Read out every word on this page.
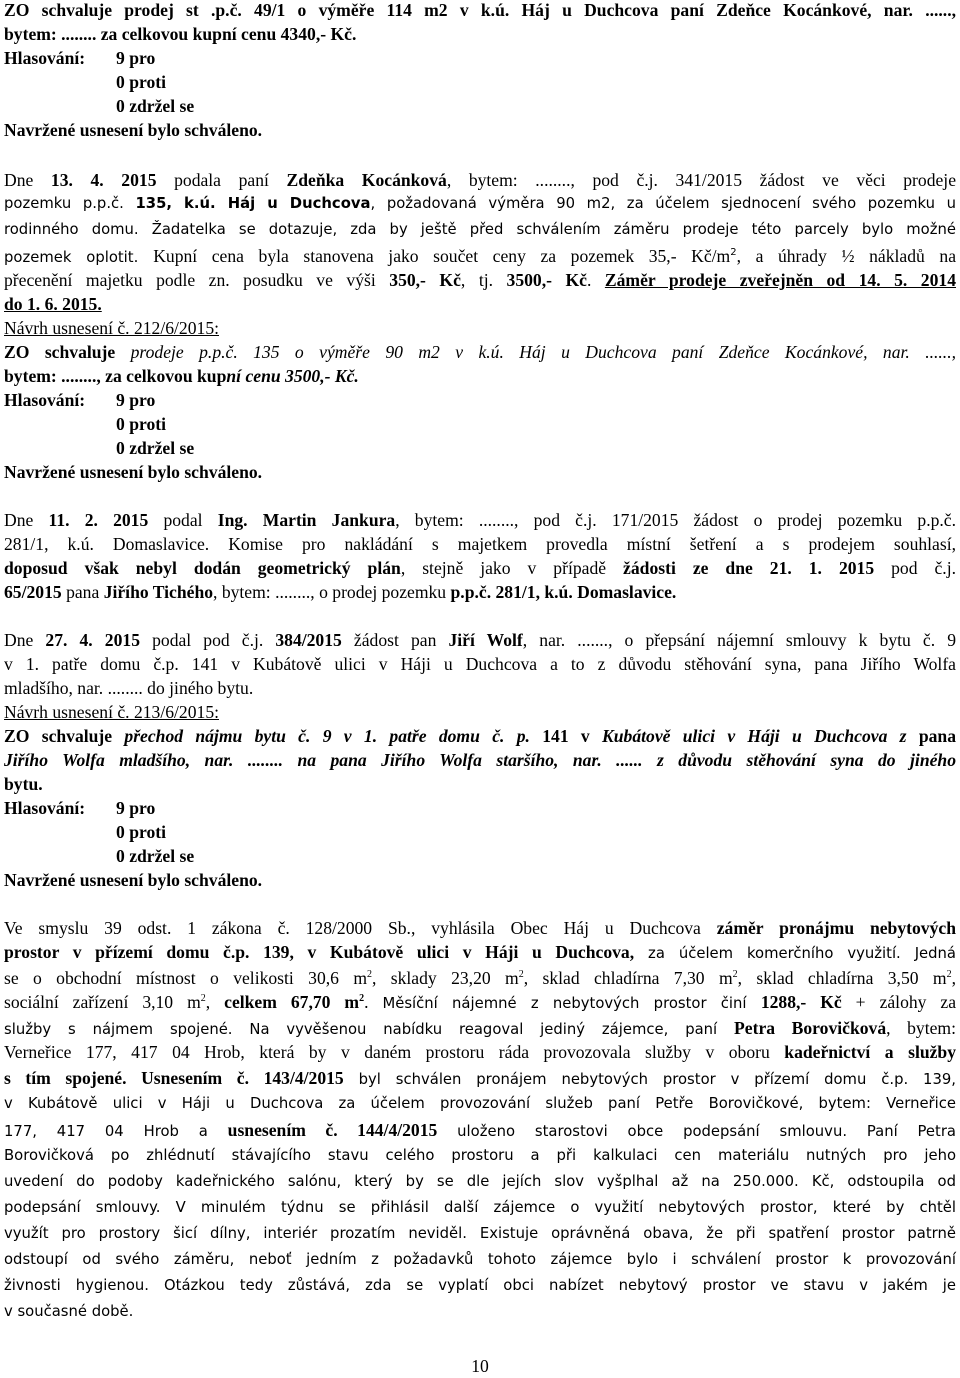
ZO schvaluje prodej st .p.č. 49/1 o výměře 114 m2 v k.ú. Háj u Duchcova paní Zdeňce Kocánkové, nar. ......,
bytem: ........ za celkovou kupní cenu 4340,- Kč.
Hlasování:	9 pro
0 proti
0 zdržel se
Navržené usnesení bylo schváleno.
Dne 13. 4. 2015 podala paní Zdeňka Kocánková, bytem: ........, pod č.j. 341/2015 žádost ve věci prodeje
pozemku p.p.č. 135, k.ú. Háj u Duchcova, požadovaná výměra 90 m2, za účelem sjednocení svého pozemku u
rodinného domu. Žadatelka se dotazuje, zda by ještě před schválením záměru prodeje této parcely bylo možné
pozemek oplotit. Kupní cena byla stanovena jako součet ceny za pozemek 35,- $Kč/m^2$, a úhrady ½ nákladů na
přecenění majetku podle zn. posudku ve výši 350,- Kč, tj. 3500,- Kč. Záměr prodeje zveřejněn od 14. 5. 2014
do 1. 6. 2015.
Návrh usnesení č. 212/6/2015:
ZO schvaluje prodeje p.p.č. 135 o výměře 90 m2 v k.ú. Háj u Duchcova paní Zdeňce Kocánkové, nar. ......,
bytem: ........, za celkovou kupní cenu 3500,- Kč.
Hlasování:	9 pro
0 proti
0 zdržel se
Navržené usnesení bylo schváleno.
Dne 11. 2. 2015 podal Ing. Martin Jankura, bytem: ........, pod č.j. 171/2015 žádost o prodej pozemku p.p.č.
281/1, k.ú. Domaslavice. Komise pro nakládání s majetkem provedla místní šetření a s prodejem souhlasí,
doposud však nebyl dodán geometrický plán, stejně jako v případě žádosti ze dne 21. 1. 2015 pod č.j.
65/2015 pana Jiřího Tichého, bytem: ........, o prodej pozemku p.p.č. 281/1, k.ú. Domaslavice.
Dne 27. 4. 2015 podal pod č.j. 384/2015 žádost pan Jiří Wolf, nar. ......., o přepsání nájemní smlouvy k bytu č. 9
v 1. patře domu č.p. 141 v Kubátově ulici v Háji u Duchcova a to z důvodu stěhování syna, pana Jiřího Wolfa
mladšího, nar. ........ do jiného bytu.
Návrh usnesení č. 213/6/2015:
ZO schvaluje přechod nájmu bytu č. 9 v 1. patře domu č. p. 141 v Kubátově ulici v Háji u Duchcova z pana
Jiřího Wolfa mladšího, nar. ........ na pana Jiřího Wolfa staršího, nar. ...... z důvodu stěhování syna do jiného
bytu.
Hlasování:	9 pro
0 proti
0 zdržel se
Navržené usnesení bylo schváleno.
Ve smyslu 39 odst. 1 zákona č. 128/2000 Sb., vyhlásila Obec Háj u Duchcova záměr pronájmu nebytových
prostor v přízemí domu č.p. 139, v Kubátově ulici v Háji u Duchcova, za účelem komerčního využití. Jedná
se o obchodní místnost o velikosti 30,6 $m^2$, sklady 23,20 $m^2$, sklad chladírna 7,30 $m^2$, sklad chladírna 3,50 $m^2$,
sociální zařízení 3,10 $m^2$, celkem 67,70 $m^2$. Měsíční nájemné z nebytových prostor činí 1288,- Kč + zálohy za
služby s nájmem spojené. Na vyvěšenou nabídku reagoval jediný zájemce, paní Petra Borovičková, bytem:
Verneřice 177, 417 04 Hrob, která by v daném prostoru ráda provozovala služby v oboru kadeřnictví a služby
s tím spojené. Usnesením č. 143/4/2015 byl schválen pronájem nebytových prostor v přízemí domu č.p. 139,
v Kubátově ulici v Háji u Duchcova za účelem provozování služeb paní Petře Borovičkové, bytem: Verneřice
177, 417 04 Hrob a usnesením č. 144/4/2015 uloženo starostovi obce podepsání smlouvu. Paní Petra
Borovičková po zhlédnutí stávajícího stavu celého prostoru a při kalkulaci cen materiálu nutných pro jeho
uvedení do podoby kadeřnického salónu, který by se dle jejích slov vyšplhal až na 250.000. Kč, odstoupila od
podepsání smlouvy. V minulém týdnu se přihlásil další zájemce o využití nebytových prostor, které by chtěl
využít pro prostory šicí dílny, interiér prozatím neviděl. Existuje oprávněná obava, že při spatření prostor patrně
odstoupí od svého záměru, neboť jedním z požadavků tohoto zájemce bylo i schválení prostor k provozování
živnosti hygienou. Otázkou tedy zůstává, zda se vyplatí obci nabízet nebytový prostor ve stavu v jakém je
v současné době.
10
